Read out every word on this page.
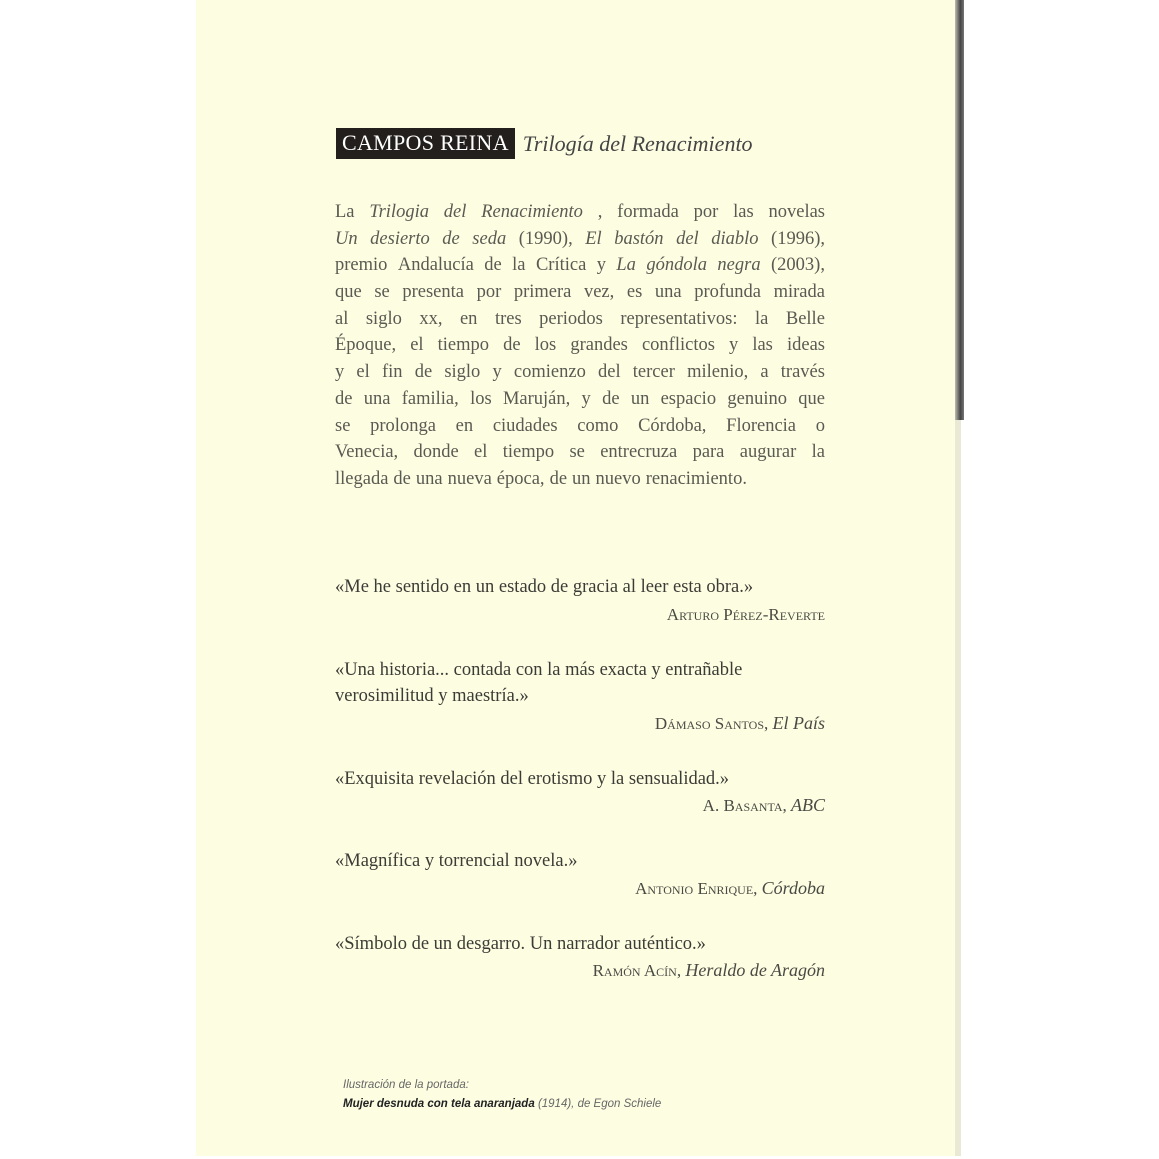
CAMPOS REINA Trilogía del Renacimiento
La Trilogia del Renacimiento , formada por las novelas
Un desierto de seda (1990), El bastón del diablo (1996),
premio Andalucía de la Crítica y La góndola negra (2003),
que se presenta por primera vez, es una profunda mirada
al siglo xx, en tres periodos representativos: la Belle
Époque, el tiempo de los grandes conflictos y las ideas
y el fin de siglo y comienzo del tercer milenio, a través
de una familia, los Maruján, y de un espacio genuino que
se prolonga en ciudades como Córdoba, Florencia o
Venecia, donde el tiempo se entrecruza para augurar la
llegada de una nueva época, de un nuevo renacimiento.
«Me he sentido en un estado de gracia al leer esta obra.»
Arturo Pérez-Reverte
«Una historia... contada con la más exacta y entrañable verosimilitud y maestría.»
Dámaso Santos, El País
«Exquisita revelación del erotismo y la sensualidad.»
A. Basanta, ABC
«Magnífica y torrencial novela.»
Antonio Enrique, Córdoba
«Símbolo de un desgarro. Un narrador auténtico.»
Ramón Acín, Heraldo de Aragón
Ilustración de la portada:
Mujer desnuda con tela anaranjada (1914), de Egon Schiele
